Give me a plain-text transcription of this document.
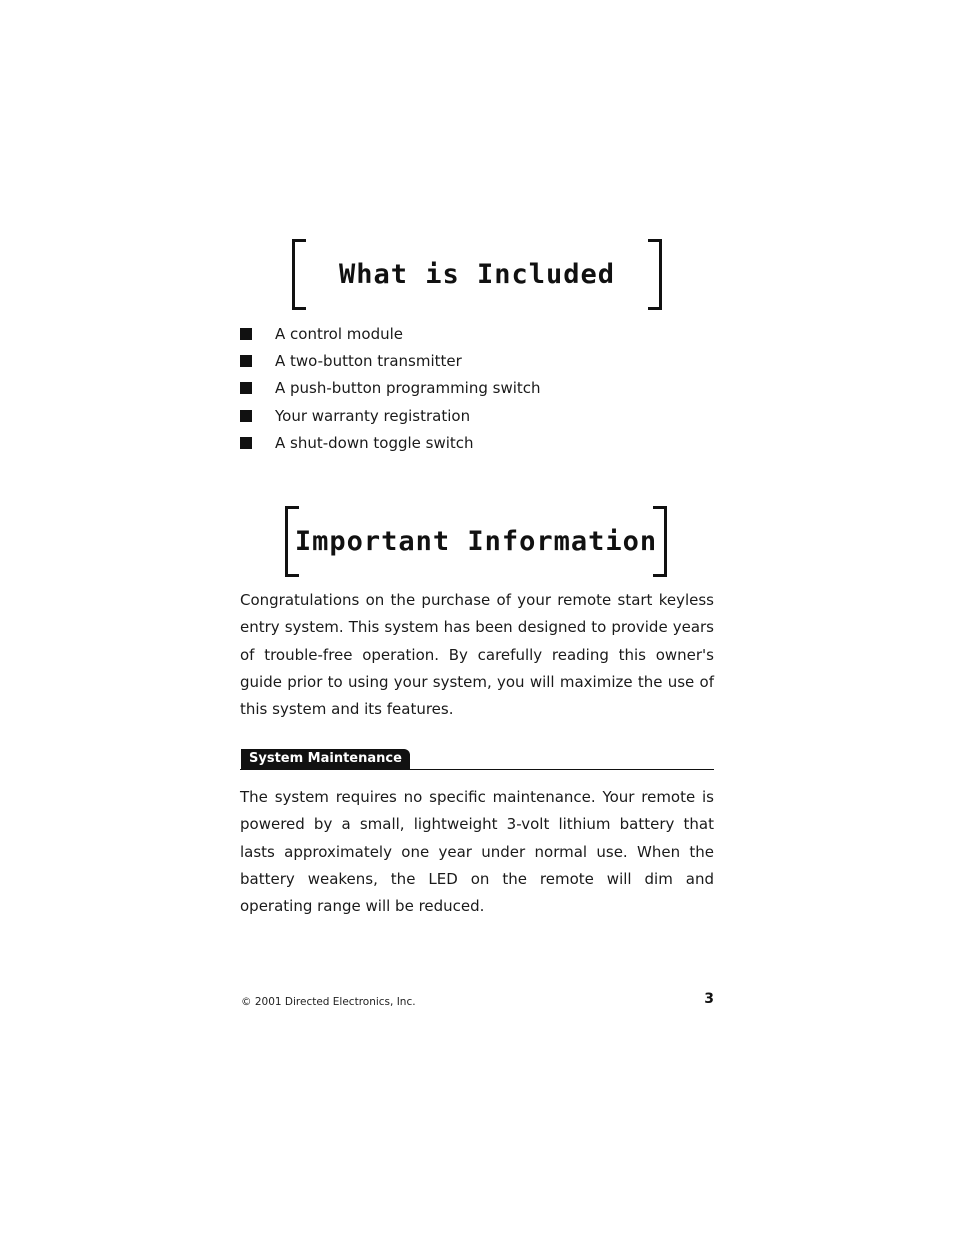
What is Included
A control module
A two-button transmitter
A push-button programming switch
Your warranty registration
A shut-down toggle switch
Important Information

Congratulations on the purchase of your remote start keyless entry system. This system has been designed to provide years of trouble-free operation. By carefully reading this owner's guide prior to using your system, you will maximize the use of this system and its features.

System Maintenance

The system requires no specific maintenance. Your remote is powered by a small, lightweight 3-volt lithium battery that lasts approximately one year under normal use. When the battery weakens, the LED on the remote will dim and operating range will be reduced.

© 2001 Directed Electronics, Inc.	3
